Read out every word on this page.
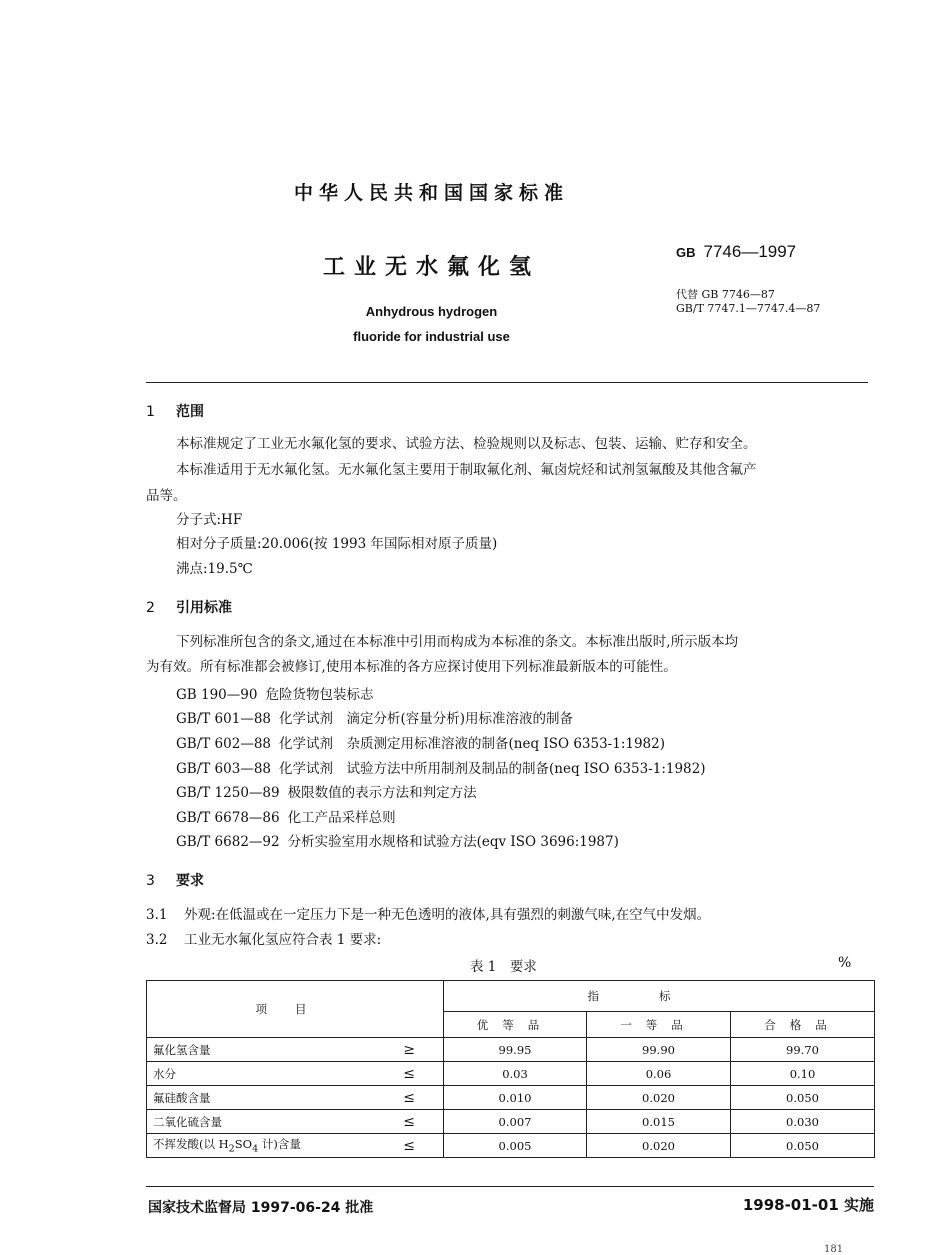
中华人民共和国国家标准
工业无水氟化氢
Anhydrous hydrogen
fluoride for industrial use
GB 7746—1997
代替 GB 7746—87
GB/T 7747.1—7747.4—87
1 范围
本标准规定了工业无水氟化氢的要求、试验方法、检验规则以及标志、包装、运输、贮存和安全。
本标准适用于无水氟化氢。无水氟化氢主要用于制取氟化剂、氟卤烷烃和试剂氢氟酸及其他含氟产
品等。
分子式:HF
相对分子质量:20.006(按 1993 年国际相对原子质量)
沸点:19.5℃
2 引用标准
下列标准所包含的条文,通过在本标准中引用而构成为本标准的条文。本标准出版时,所示版本均
为有效。所有标准都会被修订,使用本标准的各方应探讨使用下列标准最新版本的可能性。
GB 190—90 危险货物包装标志
GB/T 601—88 化学试剂　滴定分析(容量分析)用标准溶液的制备
GB/T 602—88 化学试剂　杂质测定用标准溶液的制备(neq ISO 6353-1:1982)
GB/T 603—88 化学试剂　试验方法中所用制剂及制品的制备(neq ISO 6353-1:1982)
GB/T 1250—89 极限数值的表示方法和判定方法
GB/T 6678—86 化工产品采样总则
GB/T 6682—92 分析实验室用水规格和试验方法(eqv ISO 3696:1987)
3 要求
3.1 外观:在低温或在一定压力下是一种无色透明的液体,具有强烈的刺激气味,在空气中发烟。
3.2 工业无水氟化氢应符合表 1 要求:
表 1　要求	%
项目		指标		
		优等品	一等品	合格品
氟化氢含量	≥	99.95	99.90	99.70
水分	≤	0.03	0.06	0.10
氟硅酸含量	≤	0.010	0.020	0.050
二氧化硫含量	≤	0.007	0.015	0.030
不挥发酸(以 $H_2SO_4$ 计)含量	≤	0.005	0.020	0.050
国家技术监督局 1997-06-24 批准	1998-01-01 实施
181
